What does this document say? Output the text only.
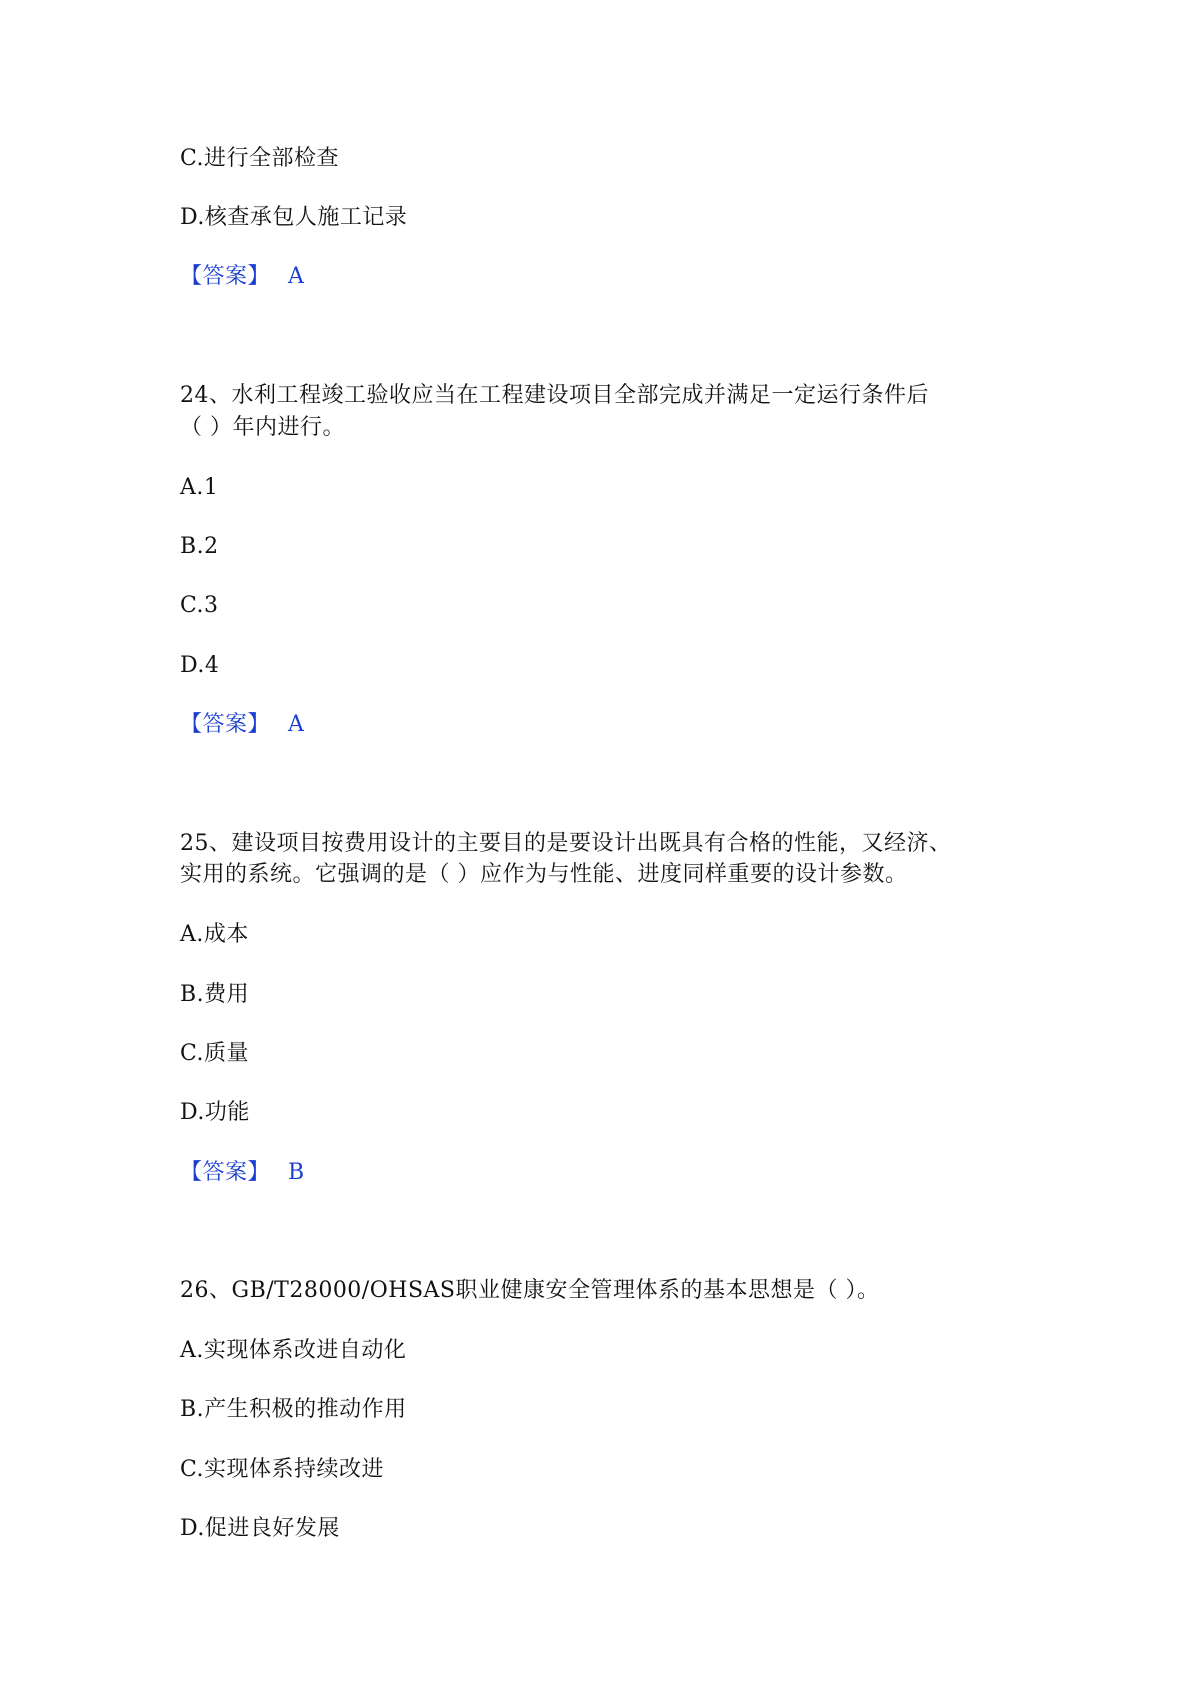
C.进行全部检查
D.核查承包人施工记录
【答案】 A
24、水利工程竣工验收应当在工程建设项目全部完成并满足一定运行条件后
（ ）年内进行。
A.1
B.2
C.3
D.4
【答案】 A
25、建设项目按费用设计的主要目的是要设计出既具有合格的性能，又经济、
实用的系统。它强调的是（ ）应作为与性能、进度同样重要的设计参数。
A.成本
B.费用
C.质量
D.功能
【答案】 B
26、GB/T28000/OHSAS职业健康安全管理体系的基本思想是（ ）。
A.实现体系改进自动化
B.产生积极的推动作用
C.实现体系持续改进
D.促进良好发展
